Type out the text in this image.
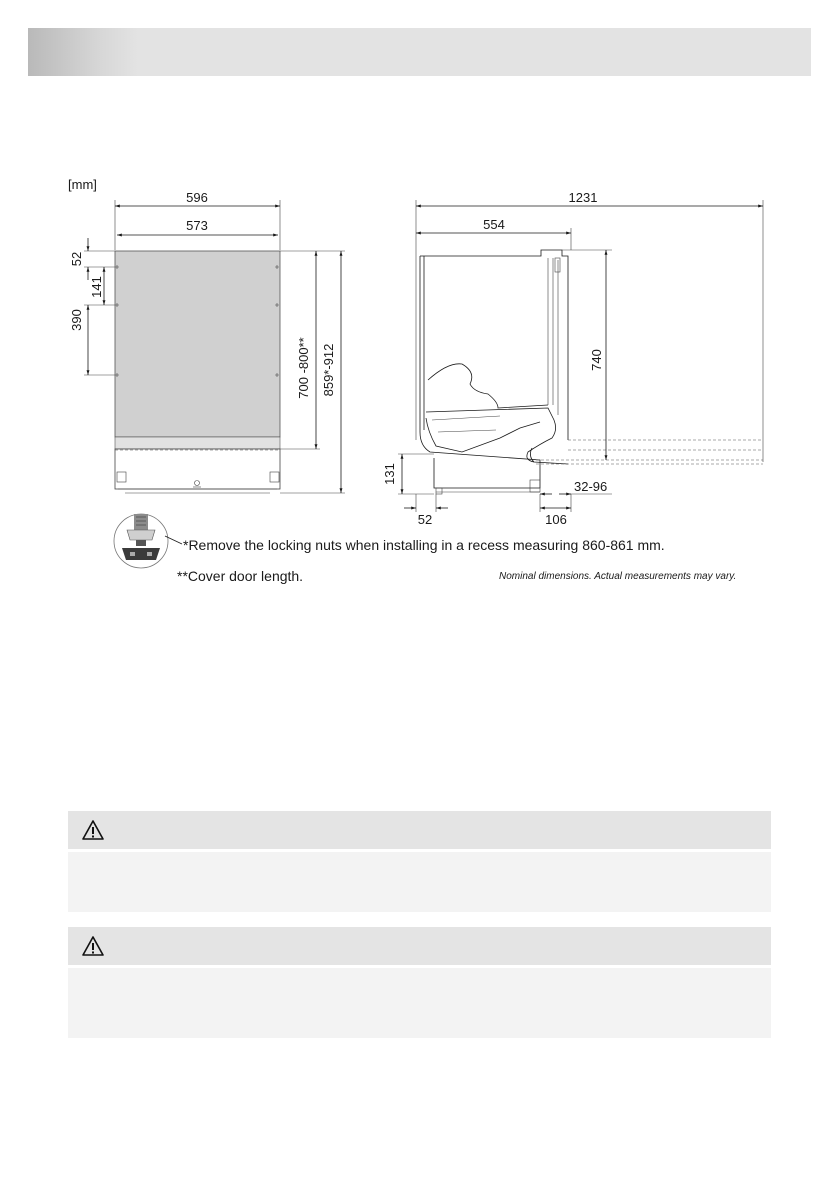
[mm]
596
573
52
141
390
700 -800** 859*-912
1231
554
740
131
52	106
32-96
*Remove the locking nuts when installing in a recess measuring 860-861 mm.
**Cover door length.	Nominal dimensions. Actual measurements may vary.
